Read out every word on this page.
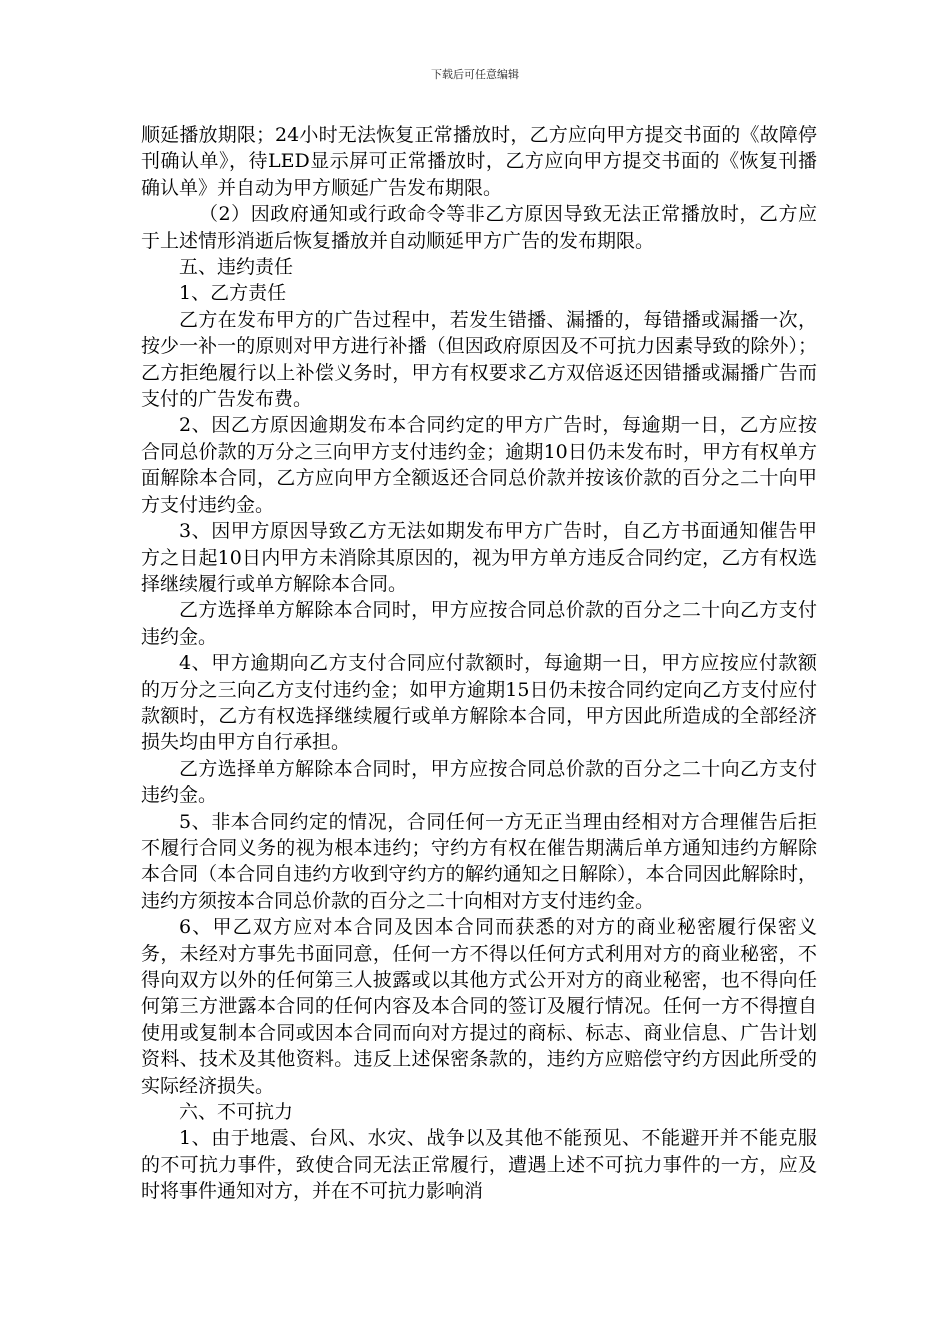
下载后可任意编辑

顺延播放期限；24小时无法恢复正常播放时，乙方应向甲方提交书面的《故障停刊确认单》，待LED显示屏可正常播放时，乙方应向甲方提交书面的《恢复刊播确认单》并自动为甲方顺延广告发布期限。

（2）因政府通知或行政命令等非乙方原因导致无法正常播放时，乙方应于上述情形消逝后恢复播放并自动顺延甲方广告的发布期限。

五、违约责任

1、乙方责任

乙方在发布甲方的广告过程中，若发生错播、漏播的，每错播或漏播一次，按少一补一的原则对甲方进行补播（但因政府原因及不可抗力因素导致的除外）；乙方拒绝履行以上补偿义务时，甲方有权要求乙方双倍返还因错播或漏播广告而支付的广告发布费。

2、因乙方原因逾期发布本合同约定的甲方广告时，每逾期一日，乙方应按合同总价款的万分之三向甲方支付违约金；逾期10日仍未发布时，甲方有权单方面解除本合同，乙方应向甲方全额返还合同总价款并按该价款的百分之二十向甲方支付违约金。

3、因甲方原因导致乙方无法如期发布甲方广告时，自乙方书面通知催告甲方之日起10日内甲方未消除其原因的，视为甲方单方违反合同约定，乙方有权选择继续履行或单方解除本合同。

乙方选择单方解除本合同时，甲方应按合同总价款的百分之二十向乙方支付违约金。

4、甲方逾期向乙方支付合同应付款额时，每逾期一日，甲方应按应付款额的万分之三向乙方支付违约金；如甲方逾期15日仍未按合同约定向乙方支付应付款额时，乙方有权选择继续履行或单方解除本合同，甲方因此所造成的全部经济损失均由甲方自行承担。

乙方选择单方解除本合同时，甲方应按合同总价款的百分之二十向乙方支付违约金。

5、非本合同约定的情况，合同任何一方无正当理由经相对方合理催告后拒不履行合同义务的视为根本违约；守约方有权在催告期满后单方通知违约方解除本合同（本合同自违约方收到守约方的解约通知之日解除），本合同因此解除时，违约方须按本合同总价款的百分之二十向相对方支付违约金。

6、甲乙双方应对本合同及因本合同而获悉的对方的商业秘密履行保密义务，未经对方事先书面同意，任何一方不得以任何方式利用对方的商业秘密，不得向双方以外的任何第三人披露或以其他方式公开对方的商业秘密，也不得向任何第三方泄露本合同的任何内容及本合同的签订及履行情况。任何一方不得擅自使用或复制本合同或因本合同而向对方提过的商标、标志、商业信息、广告计划资料、技术及其他资料。违反上述保密条款的，违约方应赔偿守约方因此所受的实际经济损失。

六、不可抗力

1、由于地震、台风、水灾、战争以及其他不能预见、不能避开并不能克服的不可抗力事件，致使合同无法正常履行，遭遇上述不可抗力事件的一方，应及时将事件通知对方，并在不可抗力影响消
